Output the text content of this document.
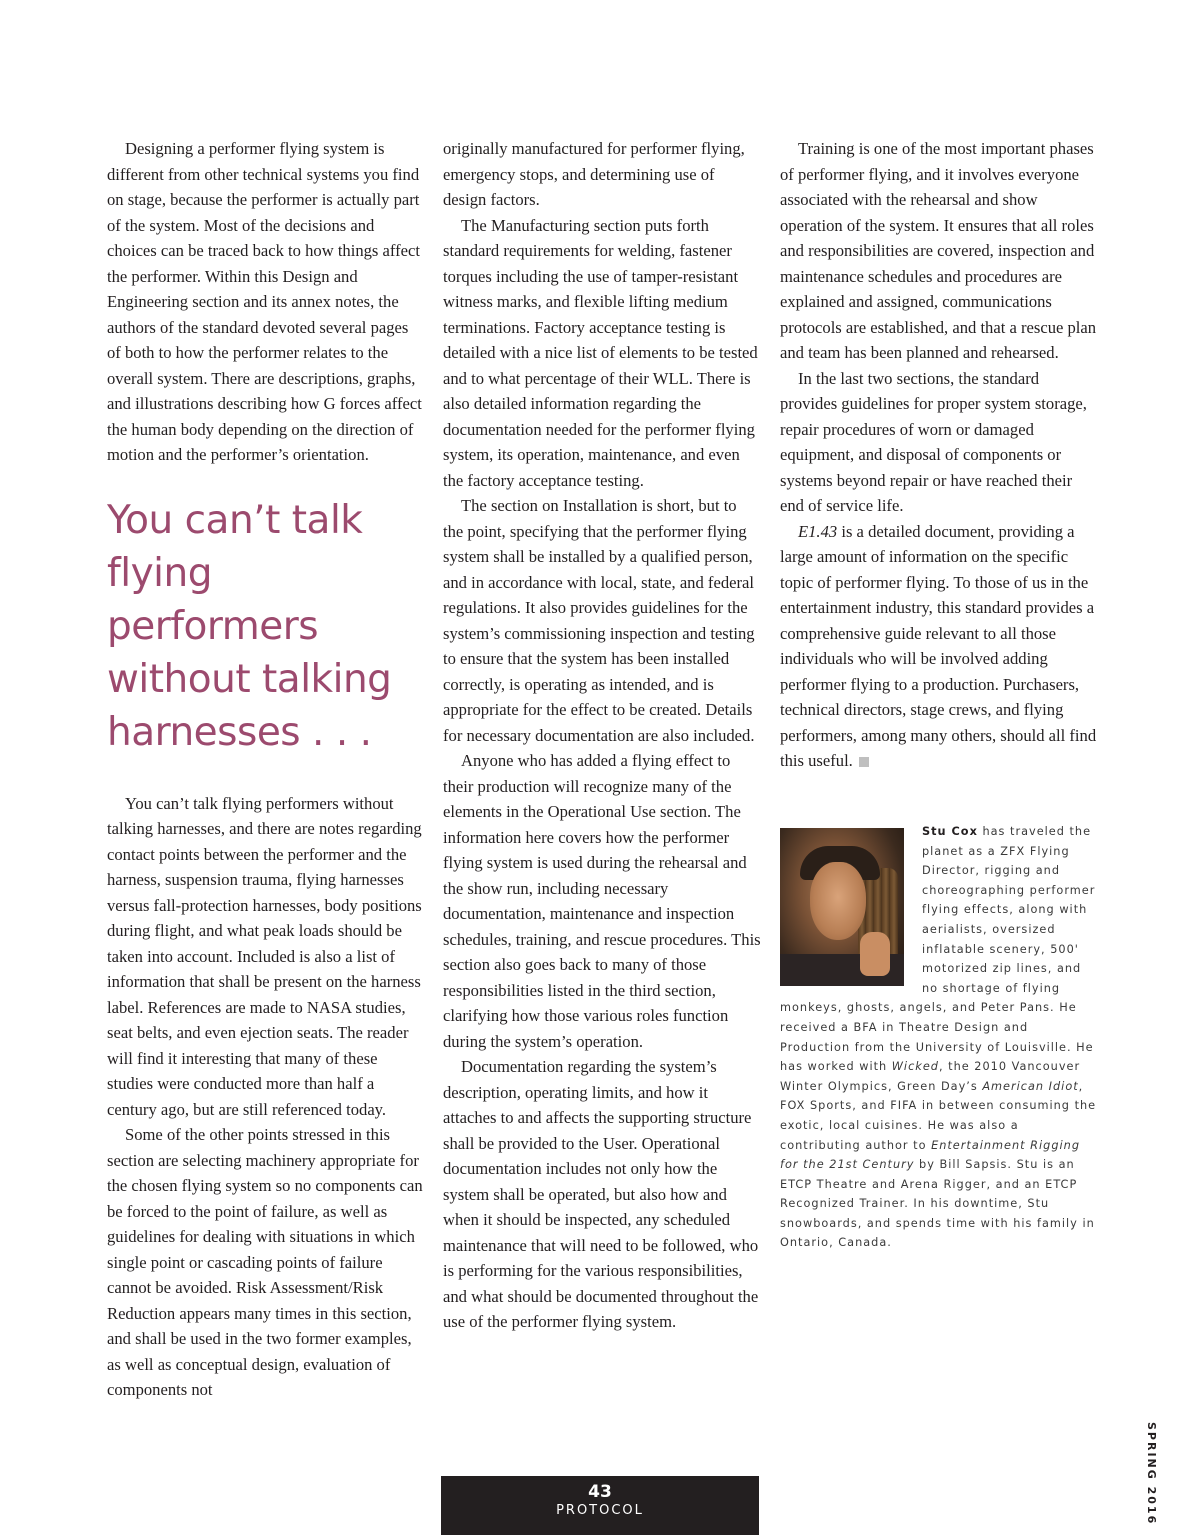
Designing a performer flying system is different from other technical systems you find on stage, because the performer is actually part of the system. Most of the decisions and choices can be traced back to how things affect the performer. Within this Design and Engineering section and its annex notes, the authors of the standard devoted several pages of both to how the performer relates to the overall system. There are descriptions, graphs, and illustrations describing how G forces affect the human body depending on the direction of motion and the performer’s orientation.

You can’t talk flying performers without talking harnesses . . .

You can’t talk flying performers without talking harnesses, and there are notes regarding contact points between the performer and the harness, suspension trauma, flying harnesses versus fall-protection harnesses, body positions during flight, and what peak loads should be taken into account. Included is also a list of information that shall be present on the harness label. References are made to NASA studies, seat belts, and even ejection seats. The reader will find it interesting that many of these studies were conducted more than half a century ago, but are still referenced today.

Some of the other points stressed in this section are selecting machinery appropriate for the chosen flying system so no components can be forced to the point of failure, as well as guidelines for dealing with situations in which single point or cascading points of failure cannot be avoided. Risk Assessment/Risk Reduction appears many times in this section, and shall be used in the two former examples, as well as conceptual design, evaluation of components not

originally manufactured for performer flying, emergency stops, and determining use of design factors.

The Manufacturing section puts forth standard requirements for welding, fastener torques including the use of tamper-resistant witness marks, and flexible lifting medium terminations. Factory acceptance testing is detailed with a nice list of elements to be tested and to what percentage of their WLL. There is also detailed information regarding the documentation needed for the performer flying system, its operation, maintenance, and even the factory acceptance testing.

The section on Installation is short, but to the point, specifying that the performer flying system shall be installed by a qualified person, and in accordance with local, state, and federal regulations. It also provides guidelines for the system’s commissioning inspection and testing to ensure that the system has been installed correctly, is operating as intended, and is appropriate for the effect to be created. Details for necessary documentation are also included.

Anyone who has added a flying effect to their production will recognize many of the elements in the Operational Use section. The information here covers how the performer flying system is used during the rehearsal and the show run, including necessary documentation, maintenance and inspection schedules, training, and rescue procedures. This section also goes back to many of those responsibilities listed in the third section, clarifying how those various roles function during the system’s operation.

Documentation regarding the system’s description, operating limits, and how it attaches to and affects the supporting structure shall be provided to the User. Operational documentation includes not only how the system shall be operated, but also how and when it should be inspected, any scheduled maintenance that will need to be followed, who is performing for the various responsibilities, and what should be documented throughout the use of the performer flying system.

Training is one of the most important phases of performer flying, and it involves everyone associated with the rehearsal and show operation of the system. It ensures that all roles and responsibilities are covered, inspection and maintenance schedules and procedures are explained and assigned, communications protocols are established, and that a rescue plan and team has been planned and rehearsed.

In the last two sections, the standard provides guidelines for proper system storage, repair procedures of worn or damaged equipment, and disposal of components or systems beyond repair or have reached their end of service life.

E1.43 is a detailed document, providing a large amount of information on the specific topic of performer flying. To those of us in the entertainment industry, this standard provides a comprehensive guide relevant to all those individuals who will be involved adding performer flying to a production. Purchasers, technical directors, stage crews, and flying performers, among many others, should all find this useful.

Stu Cox has traveled the planet as a ZFX Flying Director, rigging and choreographing performer flying effects, along with aerialists, oversized inflatable scenery, 500' motorized zip lines, and no shortage of flying monkeys, ghosts, angels, and Peter Pans. He received a BFA in Theatre Design and Production from the University of Louisville. He has worked with Wicked, the 2010 Vancouver Winter Olympics, Green Day’s American Idiot, FOX Sports, and FIFA in between consuming the exotic, local cuisines. He was also a contributing author to Entertainment Rigging for the 21st Century by Bill Sapsis. Stu is an ETCP Theatre and Arena Rigger, and an ETCP Recognized Trainer. In his downtime, Stu snowboards, and spends time with his family in Ontario, Canada.
43
PROTOCOL	SPRING 2016
